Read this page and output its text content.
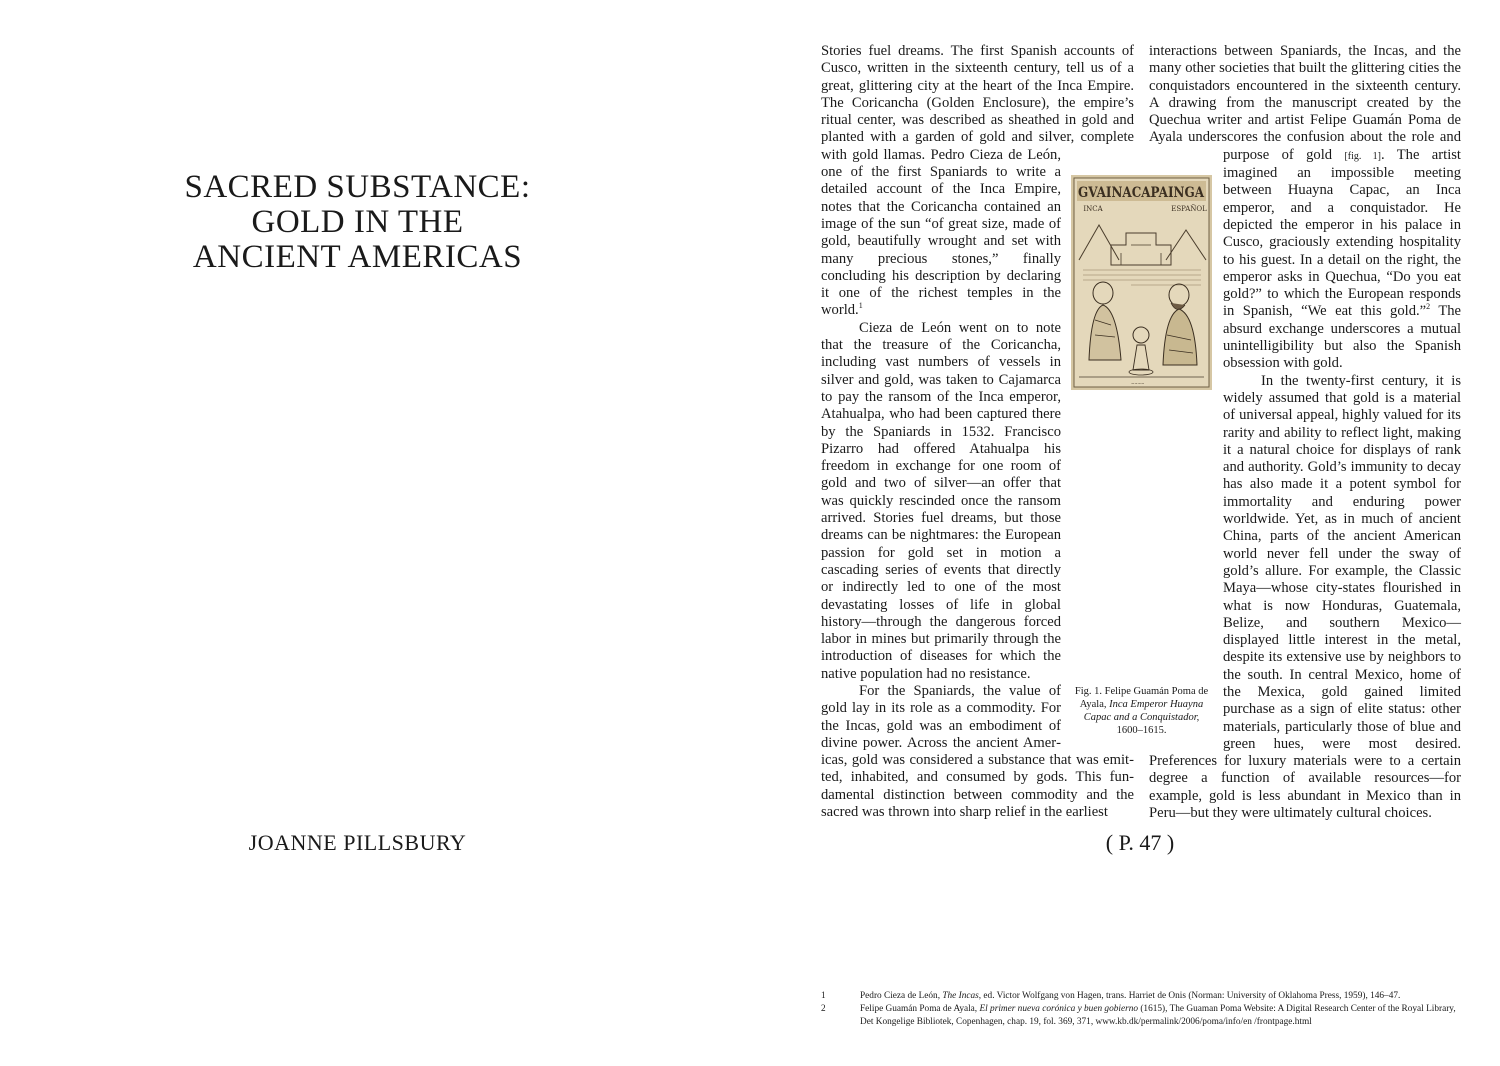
SACRED SUBSTANCE:
GOLD IN THE
ANCIENT AMERICAS
JOANNE PILLSBURY

Stories fuel dreams. The first Spanish accounts of Cusco, written in the sixteenth century, tell us of a great, glittering city at the heart of the Inca Empire. The Coricancha (Golden Enclosure), the empire’s ritual center, was described as sheathed in gold and planted with a garden of gold and silver, complete with gold llamas. Pedro Cieza de León, one of the first Spaniards to write a detailed account of the Inca Empire, notes that the Coricancha contained an image of the sun “of great size, made of gold, beautifully wrought and set with many precious stones,” finally concluding his description by declaring it one of the richest temples in the world.$^1$

Cieza de León went on to note that the treasure of the Coricancha, including vast numbers of vessels in silver and gold, was taken to Cajamarca to pay the ransom of the Inca emperor, Atahualpa, who had been captured there by the Spaniards in 1532. Francisco Pizarro had offered Atahualpa his freedom in exchange for one room of gold and two of silver—an offer that was quickly rescinded once the ransom arrived. Stories fuel dreams, but those dreams can be nightmares: the European passion for gold set in motion a cascading series of events that directly or indirectly led to one of the most devastating losses of life in global history—through the dangerous forced labor in mines but primarily through the introduction of diseases for which the native population had no resistance.

For the Spaniards, the value of gold lay in its role as a commodity. For the Incas, gold was an embodiment of divine power. Across the ancient Americas, gold was considered a substance that was emitted, inhabited, and consumed by gods. This fundamental distinction between commodity and the sacred was thrown into sharp relief in the earliest

interactions between Spaniards, the Incas, and the many other societies that built the glittering cities the conquistadors encountered in the sixteenth century. A drawing from the manuscript created by the Quechua writer and artist Felipe Guamán Poma de Ayala underscores the confusion about the role and purpose of gold [fig. 1]. The artist imagined an impossible meeting between Huayna Capac, an Inca emperor, and a conquistador. He depicted the emperor in his palace in Cusco, graciously extending hospitality to his guest. In a detail on the right, the emperor asks in Quechua, “Do you eat gold?” to which the European responds in Spanish, “We eat this gold.”$^2$ The absurd exchange underscores a mutual unintelligibility but also the Spanish obsession with gold.

In the twenty-first century, it is widely assumed that gold is a material of universal appeal, highly valued for its rarity and ability to reflect light, making it a natural choice for displays of rank and authority. Gold’s immunity to decay has also made it a potent symbol for immortality and enduring power worldwide. Yet, as in much of ancient China, parts of the ancient American world never fell under the sway of gold’s allure. For example, the Classic Maya—whose city-states flourished in what is now Honduras, Guatemala, Belize, and southern Mexico—displayed little interest in the metal, despite its extensive use by neighbors to the south. In central Mexico, home of the Mexica, gold gained limited purchase as a sign of elite status: other materials, particularly those of blue and green hues, were most desired. Preferences for luxury materials were to a certain degree a function of available resources—for example, gold is less abundant in Mexico than in Peru—but they were ultimately cultural choices.

GVAINACAPAINGA
ESPAÑOL
INCA
~~~~
Fig. 1. Felipe Guamán Poma de Ayala, Inca Emperor Huayna Capac and a Conquistador,
1600–1615.
( P. 47 )
1	Pedro Cieza de León, The Incas, ed. Victor Wolfgang von Hagen, trans. Harriet de Onis (Norman: University of Oklahoma Press, 1959), 146–47.
2	Felipe Guamán Poma de Ayala, El primer nueva corónica y buen gobierno (1615), The Guaman Poma Website: A Digital Research Center of the Royal Library, Det Kongelige Bibliotek, Copenhagen, chap. 19, fol. 369, 371, www.kb.dk/permalink/2006/poma/info/en /frontpage.html
